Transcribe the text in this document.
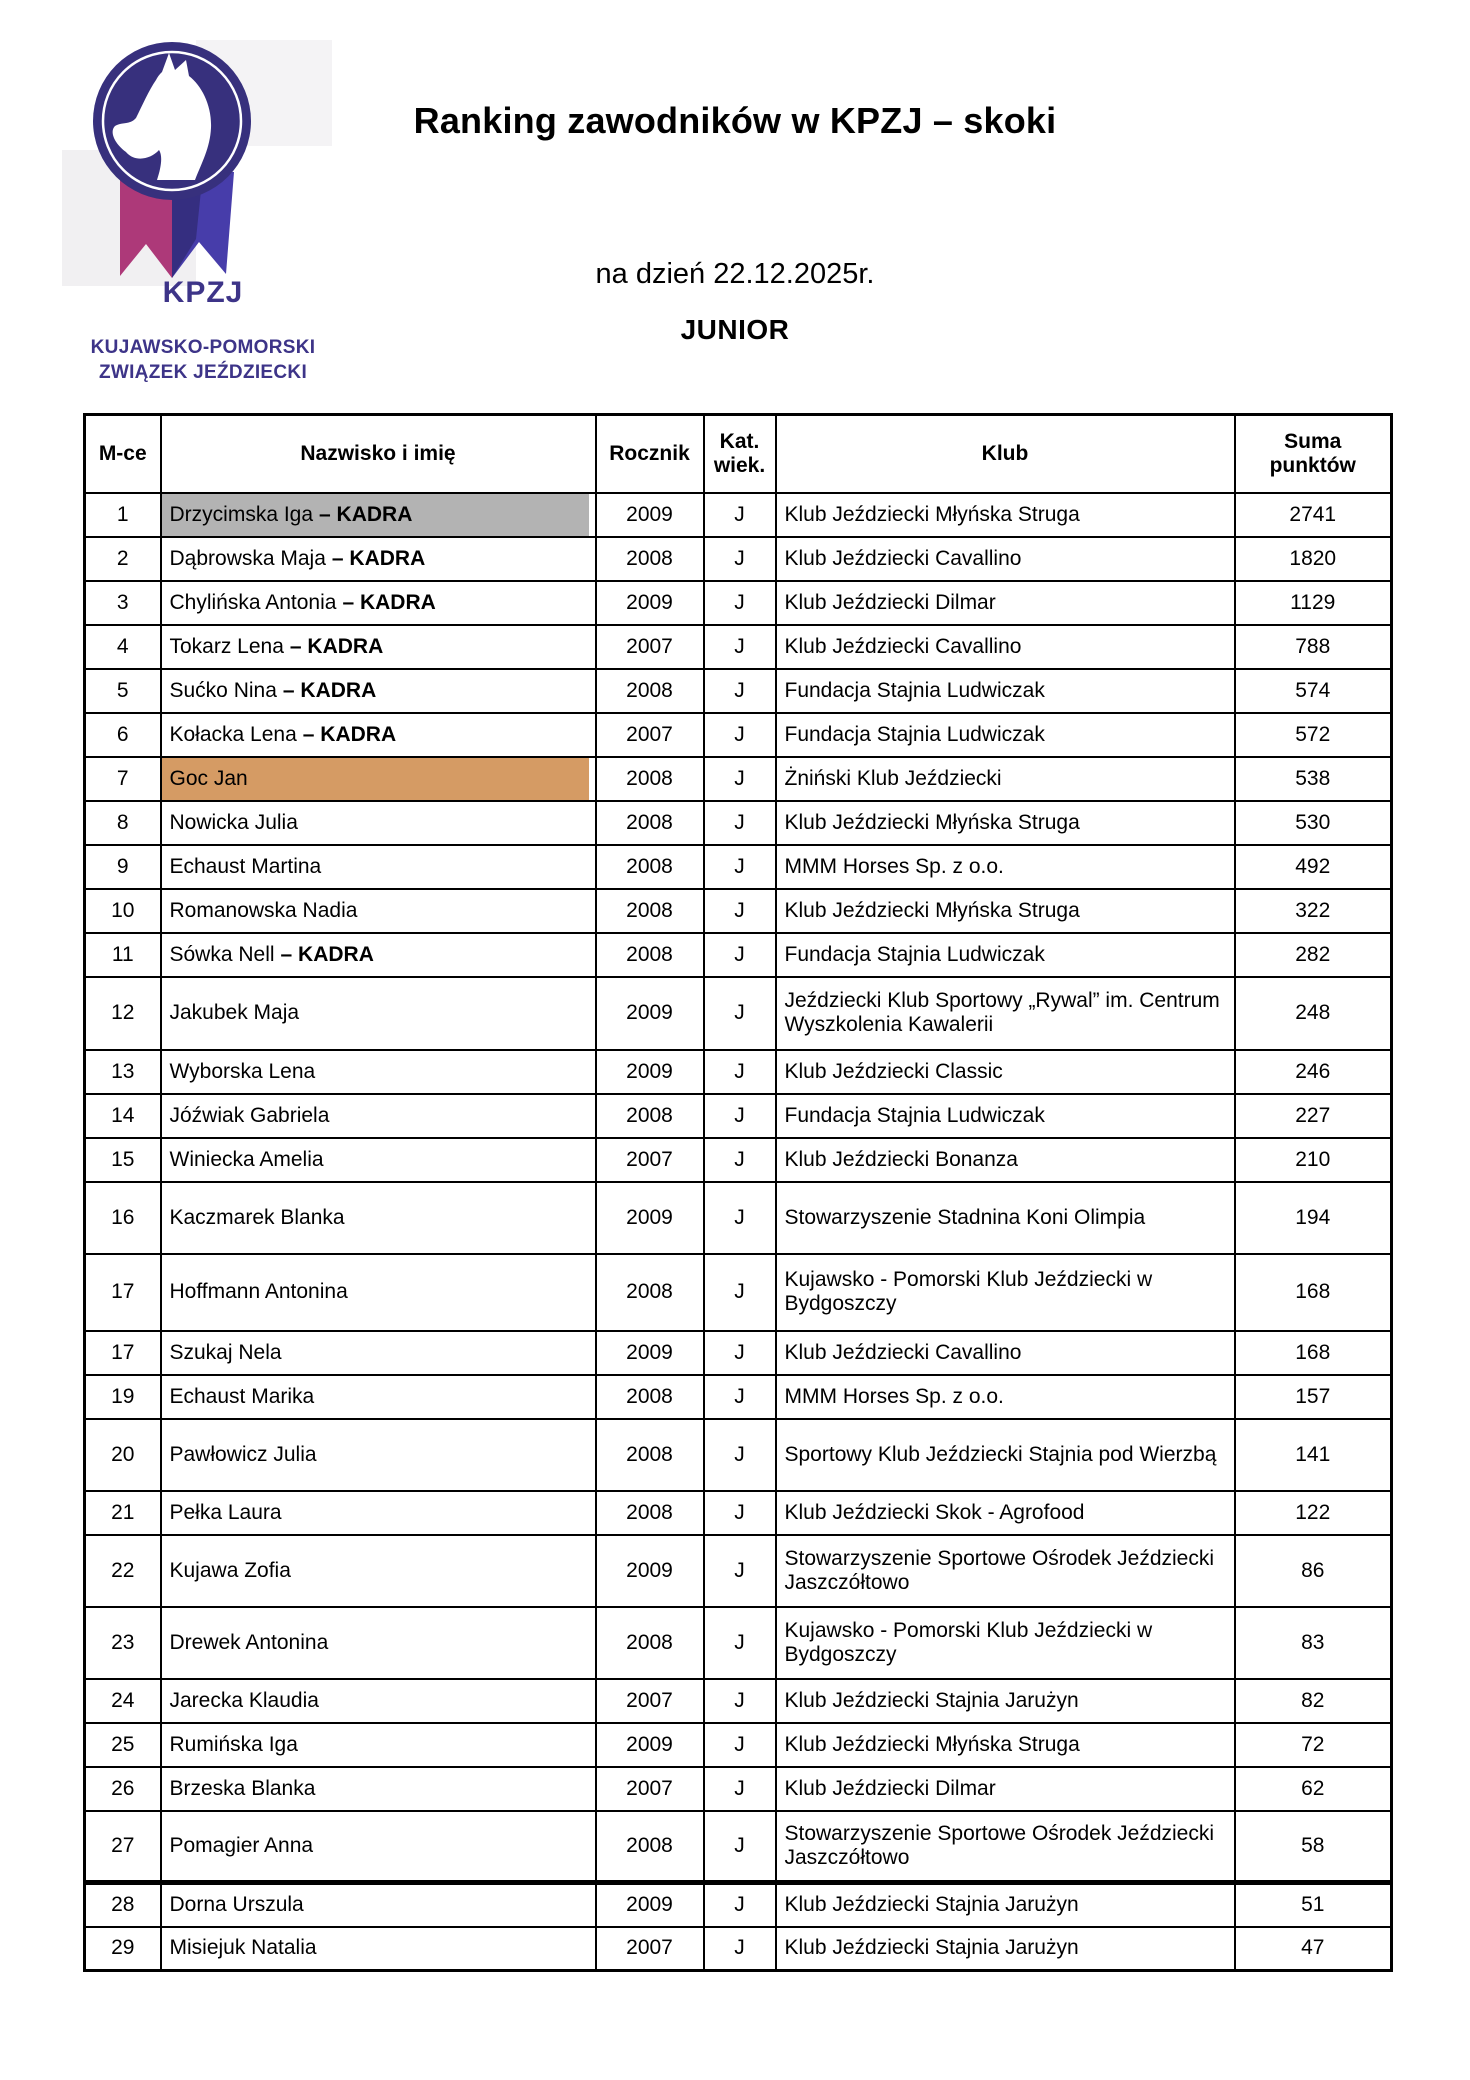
KPZJ
KUJAWSKO-POMORSKI
ZWIĄZEK JEŹDZIECKI
Ranking zawodników w KPZJ – skoki
na dzień 22.12.2025r.
JUNIOR
M-ce	Nazwisko i imię	Rocznik	Kat. wiek.	Klub	Suma punktów
1	Drzycimska Iga – KADRA	2009	J	Klub Jeździecki Młyńska Struga	2741
2	Dąbrowska Maja – KADRA	2008	J	Klub Jeździecki Cavallino	1820
3	Chylińska Antonia – KADRA	2009	J	Klub Jeździecki Dilmar	1129
4	Tokarz Lena – KADRA	2007	J	Klub Jeździecki Cavallino	788
5	Sućko Nina – KADRA	2008	J	Fundacja Stajnia Ludwiczak	574
6	Kołacka Lena – KADRA	2007	J	Fundacja Stajnia Ludwiczak	572
7	Goc Jan	2008	J	Żniński Klub Jeździecki	538
8	Nowicka Julia	2008	J	Klub Jeździecki Młyńska Struga	530
9	Echaust Martina	2008	J	MMM Horses Sp. z o.o.	492
10	Romanowska Nadia	2008	J	Klub Jeździecki Młyńska Struga	322
11	Sówka Nell – KADRA	2008	J	Fundacja Stajnia Ludwiczak	282
12	Jakubek Maja	2009	J	Jeździecki Klub Sportowy „Rywal” im. Centrum Wyszkolenia Kawalerii	248
13	Wyborska Lena	2009	J	Klub Jeździecki Classic	246
14	Jóźwiak Gabriela	2008	J	Fundacja Stajnia Ludwiczak	227
15	Winiecka Amelia	2007	J	Klub Jeździecki Bonanza	210
16	Kaczmarek Blanka	2009	J	Stowarzyszenie Stadnina Koni Olimpia	194
17	Hoffmann Antonina	2008	J	Kujawsko - Pomorski Klub Jeździecki w Bydgoszczy	168
17	Szukaj Nela	2009	J	Klub Jeździecki Cavallino	168
19	Echaust Marika	2008	J	MMM Horses Sp. z o.o.	157
20	Pawłowicz Julia	2008	J	Sportowy Klub Jeździecki Stajnia pod Wierzbą	141
21	Pełka Laura	2008	J	Klub Jeździecki Skok - Agrofood	122
22	Kujawa Zofia	2009	J	Stowarzyszenie Sportowe Ośrodek Jeździecki Jaszczółtowo	86
23	Drewek Antonina	2008	J	Kujawsko - Pomorski Klub Jeździecki w Bydgoszczy	83
24	Jarecka Klaudia	2007	J	Klub Jeździecki Stajnia Jarużyn	82
25	Rumińska Iga	2009	J	Klub Jeździecki Młyńska Struga	72
26	Brzeska Blanka	2007	J	Klub Jeździecki Dilmar	62
27	Pomagier Anna	2008	J	Stowarzyszenie Sportowe Ośrodek Jeździecki Jaszczółtowo	58
28	Dorna Urszula	2009	J	Klub Jeździecki Stajnia Jarużyn	51
29	Misiejuk Natalia	2007	J	Klub Jeździecki Stajnia Jarużyn	47
